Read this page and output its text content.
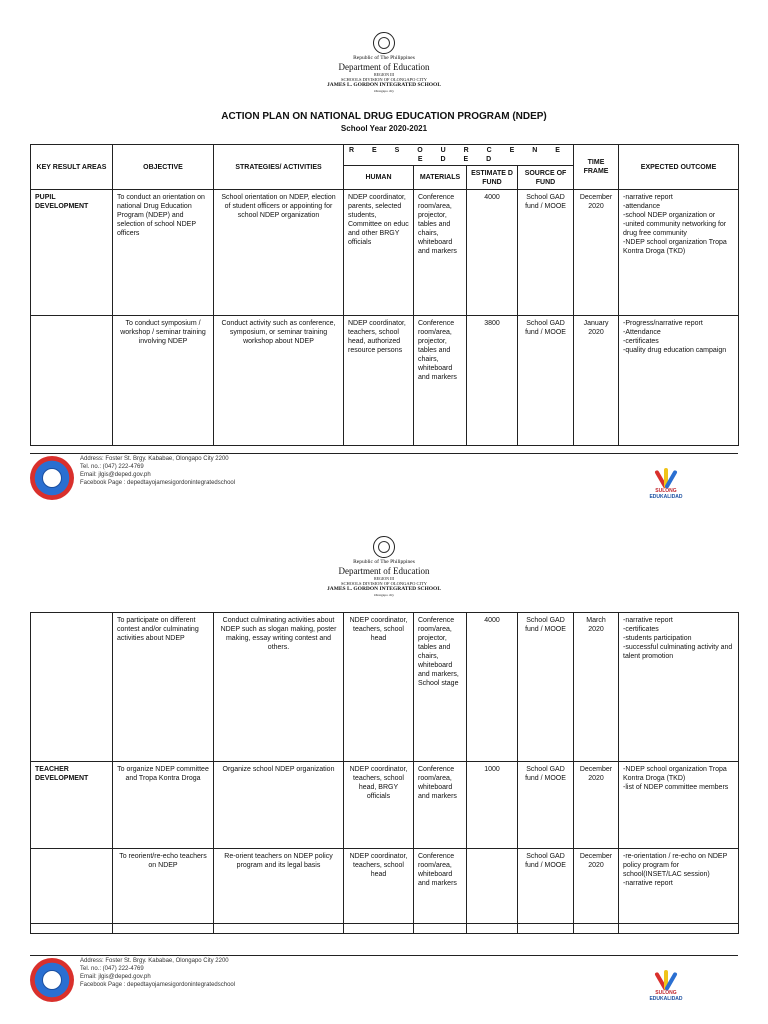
Republic of The Philippines
Department of Education
REGION III
SCHOOLS DIVISION OF OLONGAPO CITY
JAMES L. GORDON INTEGRATED SCHOOL
Olongapo city
ACTION PLAN ON NATIONAL DRUG EDUCATION PROGRAM (NDEP)
School Year 2020-2021
KEY RESULT AREAS	OBJECTIVE	STRATEGIES/ ACTIVITIES	R E S O U R C E N E E D E D				TIME FRAME	EXPECTED OUTCOME
			HUMAN	MATERIALS	ESTIMATE D FUND	SOURCE OF FUND		
PUPIL DEVELOPMENT	To conduct an orientation on national Drug Education Program (NDEP) and selection of school NDEP officers	School orientation on NDEP, election of student officers or appointing for school NDEP organization	NDEP coordinator, parents, selected students, Committee on educ and other BRGY officials	Conference room/area, projector, tables and chairs, whiteboard and markers	4000	School GAD fund / MOOE	December 2020	-narrative report
-attendance
-school NDEP organization or
-united community networking for drug free community
-NDEP school organization Tropa Kontra Droga (TKD)
	To conduct symposium / workshop / seminar training involving NDEP	Conduct activity such as conference, symposium, or seminar training workshop about NDEP	NDEP coordinator, teachers, school head, authorized resource persons	Conference room/area, projector, tables and chairs, whiteboard and markers	3800	School GAD fund / MOOE	January 2020	-Progress/narrative report
-Attendance
-certificates
-quality drug education campaign
Address: Foster St. Brgy. Kababae, Olongapo City 2200
Tel. no.: (047) 222-4769
Email: jlgis@deped.gov.ph
Facebook Page : depedtayojamesigordonintegratedschool
SULONG
EDUKALIDAD
Republic of The Philippines
Department of Education
REGION III
SCHOOLS DIVISION OF OLONGAPO CITY
JAMES L. GORDON INTEGRATED SCHOOL
Olongapo city
	To participate on different contest and/or culminating activities about NDEP	Conduct culminating activities about NDEP such as slogan making, poster making, essay writing contest and others.	NDEP coordinator, teachers, school head	Conference room/area, projector, tables and chairs, whiteboard and markers, School stage	4000	School GAD fund / MOOE	March 2020	-narrative report
-certificates
-students participation
-successful culminating activity and talent promotion
TEACHER DEVELOPMENT	To organize NDEP committee and Tropa Kontra Droga	Organize school NDEP organization	NDEP coordinator, teachers, school head, BRGY officials	Conference room/area, whiteboard and markers	1000	School GAD fund / MOOE	December 2020	-NDEP school organization Tropa Kontra Droga (TKD)
-list of NDEP committee members
	To reorient/re-echo teachers on NDEP	Re-orient teachers on NDEP policy program and its legal basis	NDEP coordinator, teachers, school head	Conference room/area, whiteboard and markers		School GAD fund / MOOE	December 2020	-re-orientation / re-echo on NDEP policy program for school(INSET/LAC session)
-narrative report

Address: Foster St. Brgy. Kababae, Olongapo City 2200
Tel. no.: (047) 222-4769
Email: jlgis@deped.gov.ph
Facebook Page : depedtayojamesigordonintegratedschool
SULONG
EDUKALIDAD
